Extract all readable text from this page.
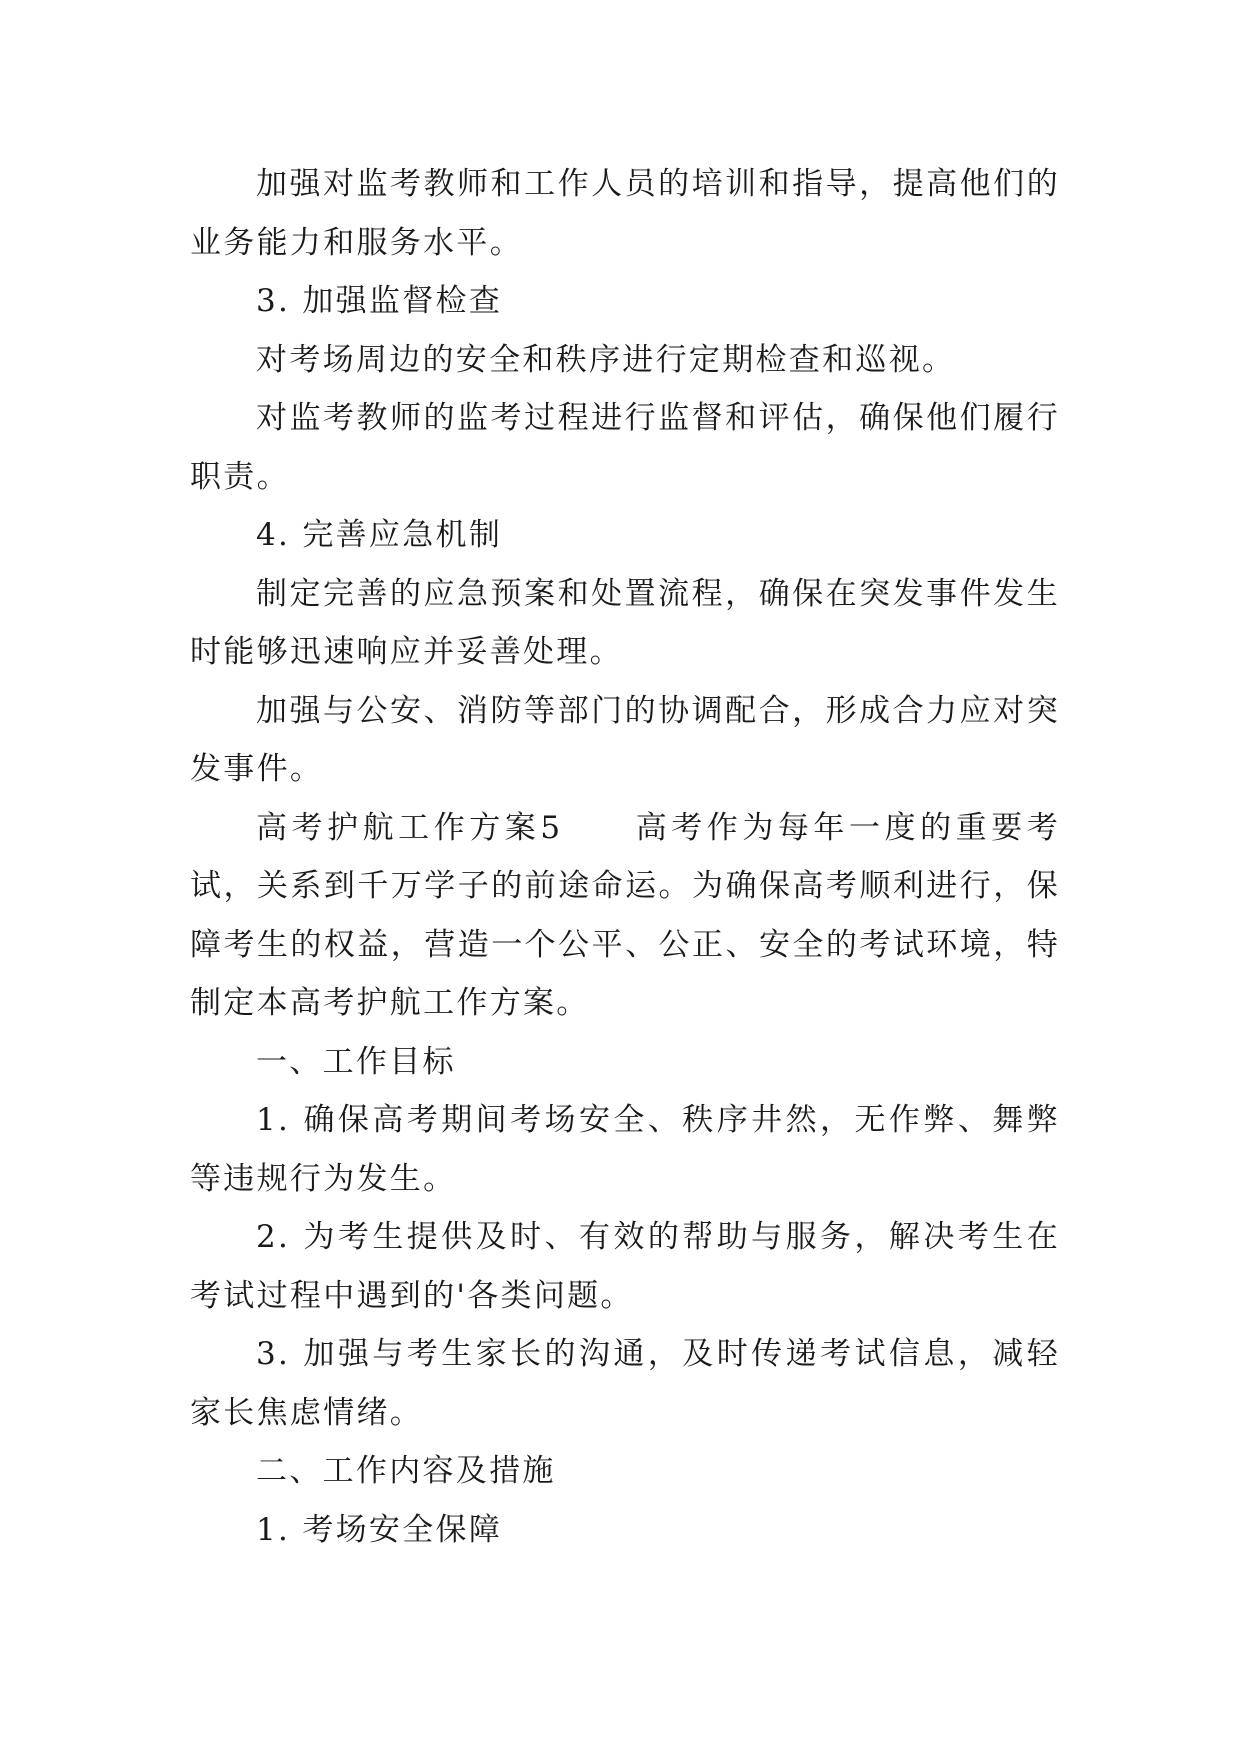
加强对监考教师和工作人员的培训和指导，提高他们的业务能力和服务水平。

3. 加强监督检查

对考场周边的安全和秩序进行定期检查和巡视。

对监考教师的监考过程进行监督和评估，确保他们履行职责。

4. 完善应急机制

制定完善的应急预案和处置流程，确保在突发事件发生时能够迅速响应并妥善处理。

加强与公安、消防等部门的协调配合，形成合力应对突发事件。

高考护航工作方案5　　高考作为每年一度的重要考试，关系到千万学子的前途命运。为确保高考顺利进行，保障考生的权益，营造一个公平、公正、安全的考试环境，特制定本高考护航工作方案。

一、工作目标

1. 确保高考期间考场安全、秩序井然，无作弊、舞弊等违规行为发生。

2. 为考生提供及时、有效的帮助与服务，解决考生在考试过程中遇到的'各类问题。

3. 加强与考生家长的沟通，及时传递考试信息，减轻家长焦虑情绪。

二、工作内容及措施

1. 考场安全保障
